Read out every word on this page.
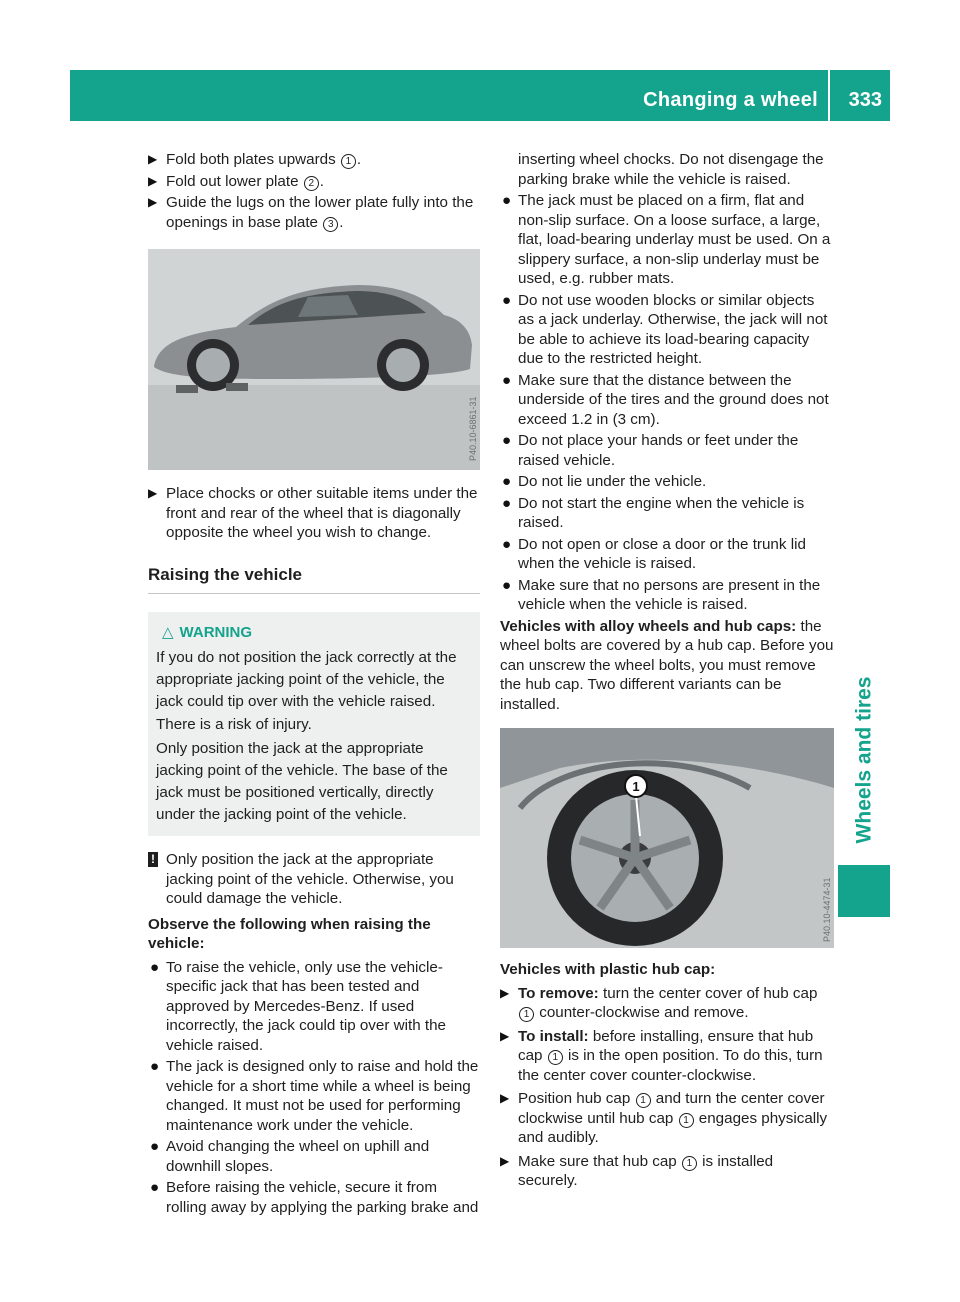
Changing a wheel 333
Wheels and tires

▶ Fold both plates upwards 1 .

▶ Fold out lower plate 2 .

▶ Guide the lugs on the lower plate fully into the openings in base plate 3 .

P40.10-6861-31

▶ Place chocks or other suitable items under the front and rear of the wheel that is diagonally opposite the wheel you wish to change.

Raising the vehicle
△ WARNING

If you do not position the jack correctly at the appropriate jacking point of the vehicle, the jack could tip over with the vehicle raised.

There is a risk of injury.

Only position the jack at the appropriate jacking point of the vehicle. The base of the jack must be positioned vertically, directly under the jacking point of the vehicle.

! Only position the jack at the appropriate jacking point of the vehicle. Otherwise, you could damage the vehicle.

Observe the following when raising the vehicle:

● To raise the vehicle, only use the vehicle-specific jack that has been tested and approved by Mercedes-Benz. If used incorrectly, the jack could tip over with the vehicle raised.

● The jack is designed only to raise and hold the vehicle for a short time while a wheel is being changed. It must not be used for performing maintenance work under the vehicle.

● Avoid changing the wheel on uphill and downhill slopes.

● Before raising the vehicle, secure it from rolling away by applying the parking brake and

inserting wheel chocks. Do not disengage the parking brake while the vehicle is raised.

● The jack must be placed on a firm, flat and non-slip surface. On a loose surface, a large, flat, load-bearing underlay must be used. On a slippery surface, a non-slip underlay must be used, e.g. rubber mats.

● Do not use wooden blocks or similar objects as a jack underlay. Otherwise, the jack will not be able to achieve its load-bearing capacity due to the restricted height.

● Make sure that the distance between the underside of the tires and the ground does not exceed 1.2 in (3 cm).

● Do not place your hands or feet under the raised vehicle.

● Do not lie under the vehicle.

● Do not start the engine when the vehicle is raised.

● Do not open or close a door or the trunk lid when the vehicle is raised.

● Make sure that no persons are present in the vehicle when the vehicle is raised.

Vehicles with alloy wheels and hub caps: the wheel bolts are covered by a hub cap. Before you can unscrew the wheel bolts, you must remove the hub cap. Two different variants can be installed.

1
P40.10-4474-31

Vehicles with plastic hub cap:

▶ To remove: turn the center cover of hub cap 1 counter-clockwise and remove.

▶ To install: before installing, ensure that hub cap 1 is in the open position. To do this, turn the center cover counter-clockwise.

▶ Position hub cap 1 and turn the center cover clockwise until hub cap 1 engages physically and audibly.

▶ Make sure that hub cap 1 is installed securely.
